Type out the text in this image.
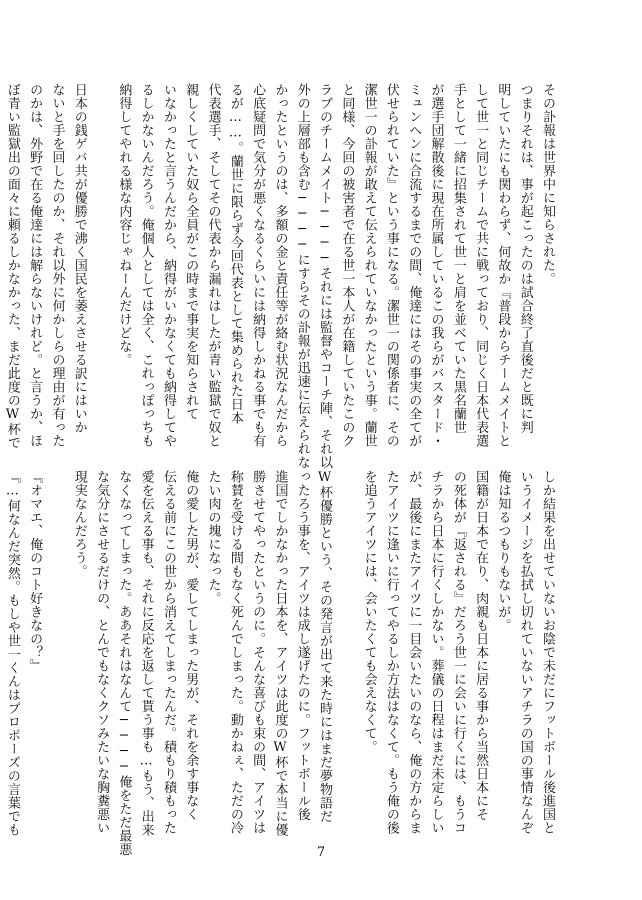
その訃報は世界中に知らされた。

つまりそれは、事が起こったのは試合終了直後だと既に判

明していたにも関わらず、何故か『普段からチームメイトと

して世一と同じチームで共に戦っており、同じく日本代表選

手として一緒に招集されて世一と肩を並べていた黒名蘭世

が選手団解散後に現在所属しているこの我らがバスタード・

ミュンヘンに合流するまでの間、俺達にはその事実の全てが

伏せられていた』という事になる。潔世一の関係者に、その

潔世一の訃報が敢えて伝えられていなかったという事。蘭世

と同様、今回の被害者で在る世一本人が在籍していたこのク

ラブのチームメイト────それには監督やコーチ陣、それ以

外の上層部も含む────にすらその訃報が迅速に伝えられな

かったというのは、多額の金と責任等が絡む状況なんだから

心底疑問で気分が悪くなるくらいには納得しかねる事でも有

るが……。蘭世に限らず今回代表として集められた日本

代表選手、そしてその代表から漏れはしたが青い監獄で奴と

親しくしていた奴ら全員がこの時まで事実を知らされて

いなかったと言うんだから、納得がいかなくても納得してや

るしかないんだろう。俺個人としては全く、これっぽっちも

納得してやれる様な内容じゃねーんだけどな。

日本の銭ゲバ共が優勝で沸く国民を萎えさせる訳にはいか

ないと手を回したのか、それ以外に何かしらの理由が有った

のかは、外野で在る俺達には解らないけれど。と言うか、ほ

ぼ青い監獄出の面々に頼るしかなかった、まだ此度のW杯で

しか結果を出せていないお陰で未だにフットボール後進国と

いうイメージを払拭し切れていないアチラの国の事情なんぞ

俺は知るつもりもないが。

国籍が日本で在り、肉親も日本に居る事から当然日本にそ

の死体が『返される』だろう世一に会いに行くには、もうコ

チラから日本に行くしかない。葬儀の日程はまだ未定らしい

が、最後にまたアイツに一目会いたいのなら、俺の方からま

たアイツに逢いに行ってやるしか方法はなくて。もう俺の後

を追うアイツには、会いたくても会えなくて。

W杯優勝という、その発言が出て来た時にはまだ夢物語だ

ったろう事を、アイツは成し遂げたのに。フットボール後

進国でしかなかった日本を、アイツは此度のW杯で本当に優

勝させてやったというのに。そんな喜びも束の間、アイツは

称賛を受ける間もなく死んでしまった。動かねぇ、ただの冷

たい肉の塊になった。

俺の愛した男が、愛してしまった男が、それを余す事なく

伝える前にこの世から消えてしまったんだ。積もり積もった

愛を伝える事も、それに反応を返して貰う事も…もう、出来

なくなってしまった。ああそれはなんて────俺をただ最悪

な気分にさせるだけの、とんでもなくクソみたいな胸糞悪い

現実なんだろう。

『オマエ、俺のコト好きなの？』

『…何なんだ突然。もしや世一くんはプロポーズの言葉でも

7
